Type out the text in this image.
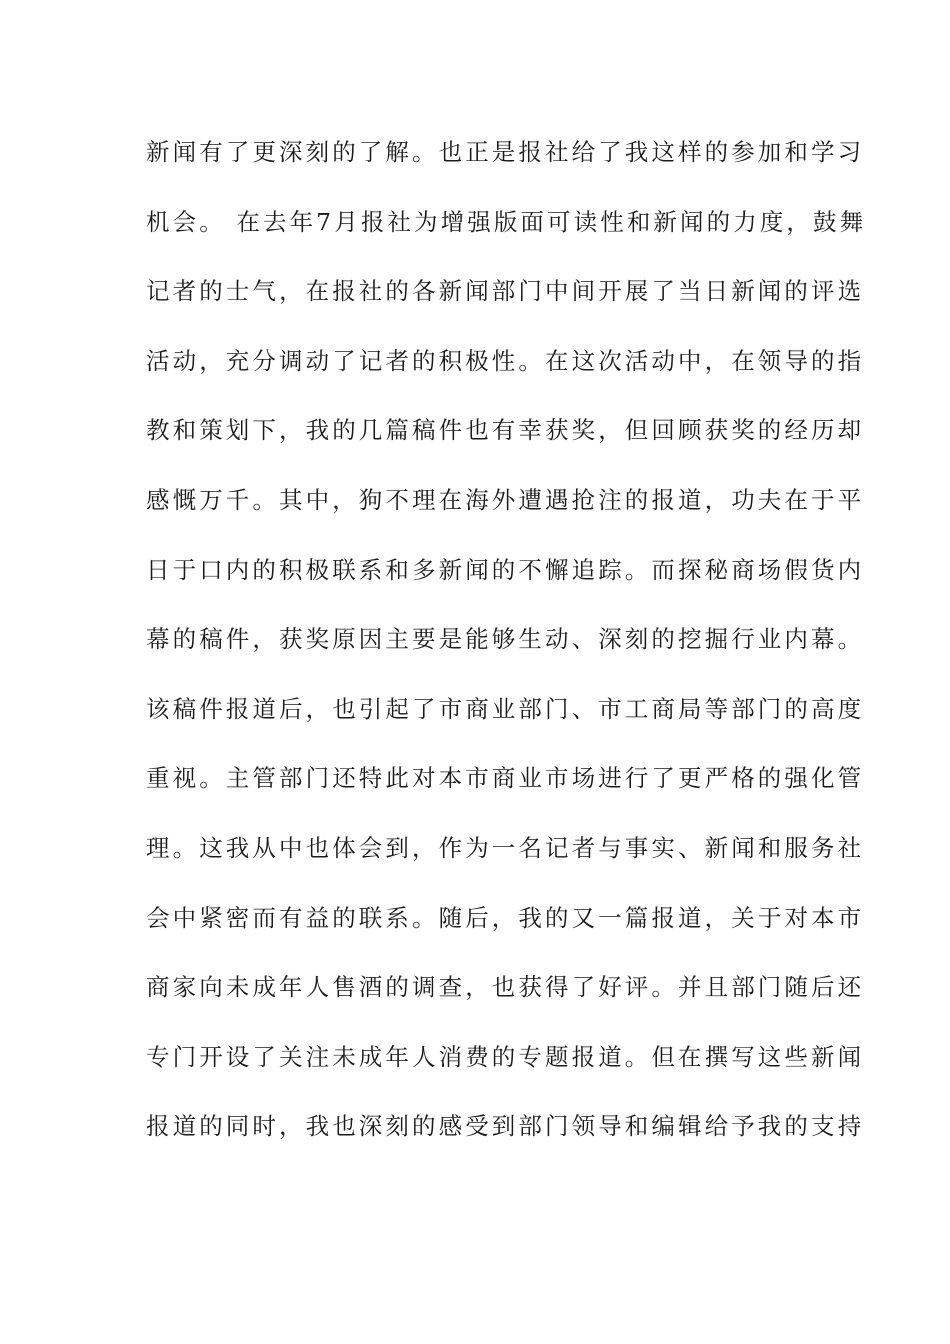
新闻有了更深刻的了解。也正是报社给了我这样的参加和学习
机会。 在去年7月报社为增强版面可读性和新闻的力度，鼓舞
记者的士气，在报社的各新闻部门中间开展了当日新闻的评选
活动，充分调动了记者的积极性。在这次活动中，在领导的指
教和策划下，我的几篇稿件也有幸获奖，但回顾获奖的经历却
感慨万千。其中，狗不理在海外遭遇抢注的报道，功夫在于平
日于口内的积极联系和多新闻的不懈追踪。而探秘商场假货内
幕的稿件，获奖原因主要是能够生动、深刻的挖掘行业内幕。
该稿件报道后，也引起了市商业部门、市工商局等部门的高度
重视。主管部门还特此对本市商业市场进行了更严格的强化管
理。这我从中也体会到，作为一名记者与事实、新闻和服务社
会中紧密而有益的联系。随后，我的又一篇报道，关于对本市
商家向未成年人售酒的调查，也获得了好评。并且部门随后还
专门开设了关注未成年人消费的专题报道。但在撰写这些新闻
报道的同时，我也深刻的感受到部门领导和编辑给予我的支持
